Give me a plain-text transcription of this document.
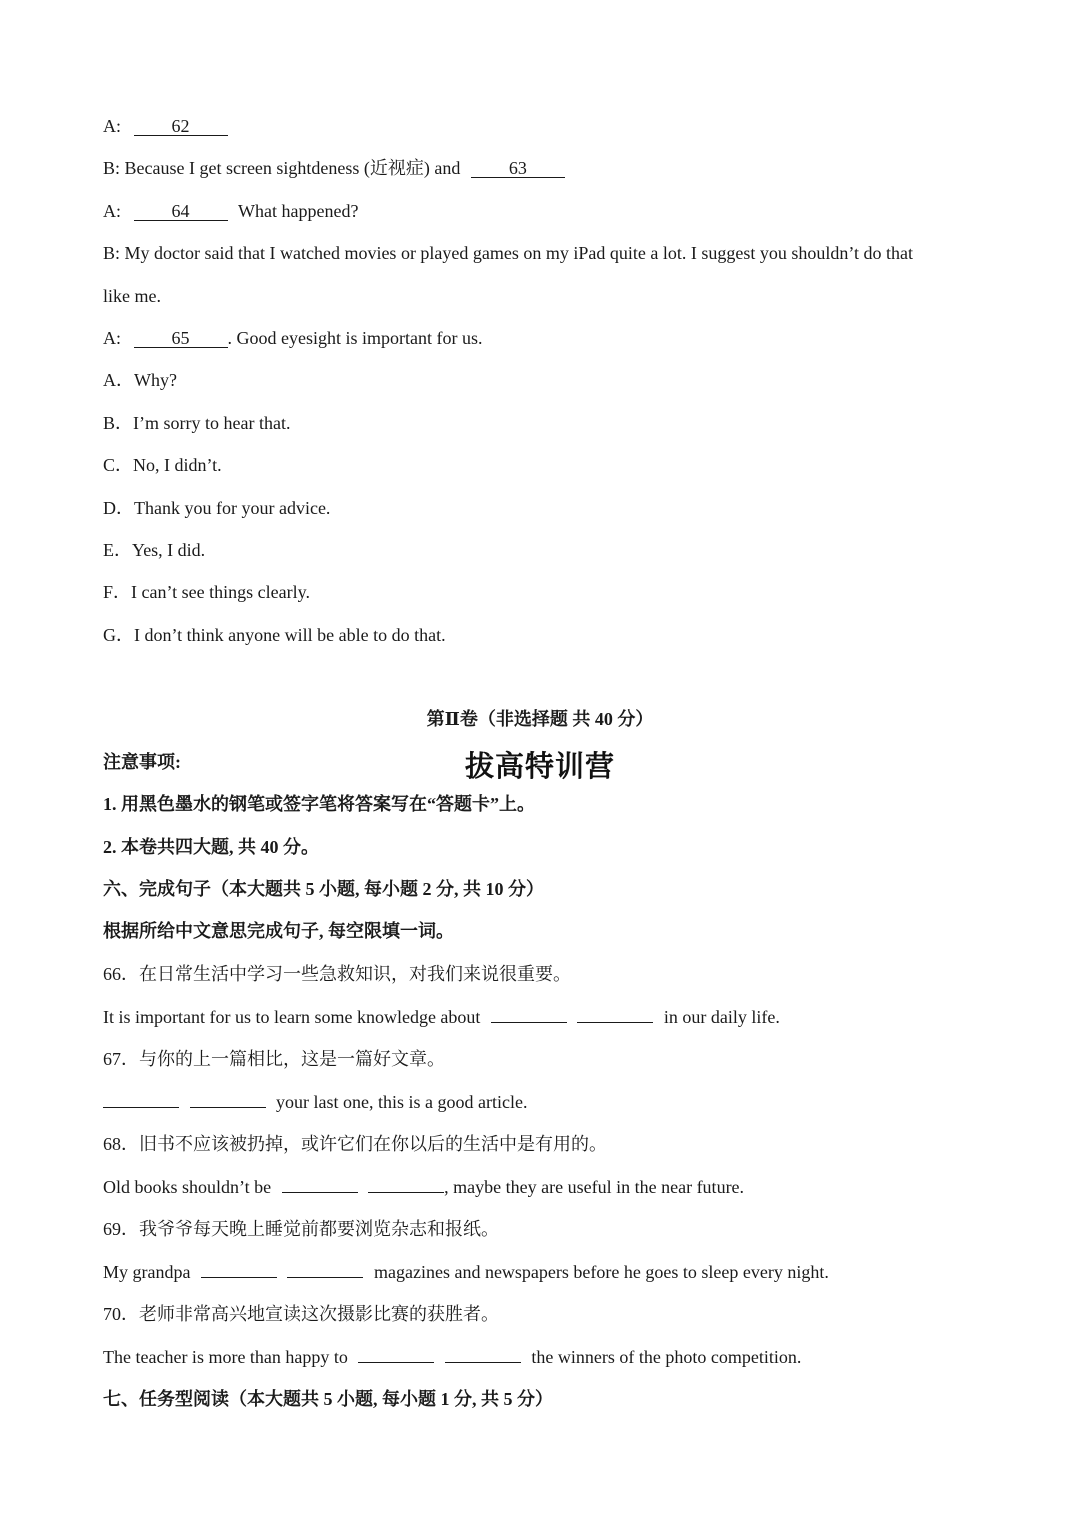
A:	62
B: Because I get screen sightdeness (近视症) and	63
A:	64	What happened?
B: My doctor said that I watched movies or played games on my iPad quite a lot. I suggest you shouldn’t do that
like me.
A:	65 . Good eyesight is important for us.
A．Why?
B．I’m sorry to hear that.
C．No, I didn’t.
D．Thank you for your advice.
E．Yes, I did.
F．I can’t see things clearly.
G．I don’t think anyone will be able to do that.
第Ⅱ卷（非选择题 共 40 分）
注意事项:	拔高特训营
1. 用黑色墨水的钢笔或签字笔将答案写在“答题卡”上。
2. 本卷共四大题, 共 40 分。
六、完成句子（本大题共 5 小题, 每小题 2 分, 共 10 分）
根据所给中文意思完成句子, 每空限填一词。
66．在日常生活中学习一些急救知识，对我们来说很重要。
It is important for us to learn some knowledge about	in our daily life.
67．与你的上一篇相比，这是一篇好文章。
your last one, this is a good article.
68．旧书不应该被扔掉，或许它们在你以后的生活中是有用的。
Old books shouldn’t be	, maybe they are useful in the near future.
69．我爷爷每天晚上睡觉前都要浏览杂志和报纸。
My grandpa	magazines and newspapers before he goes to sleep every night.
70．老师非常高兴地宣读这次摄影比赛的获胜者。
The teacher is more than happy to	the winners of the photo competition.
七、任务型阅读（本大题共 5 小题, 每小题 1 分, 共 5 分）
